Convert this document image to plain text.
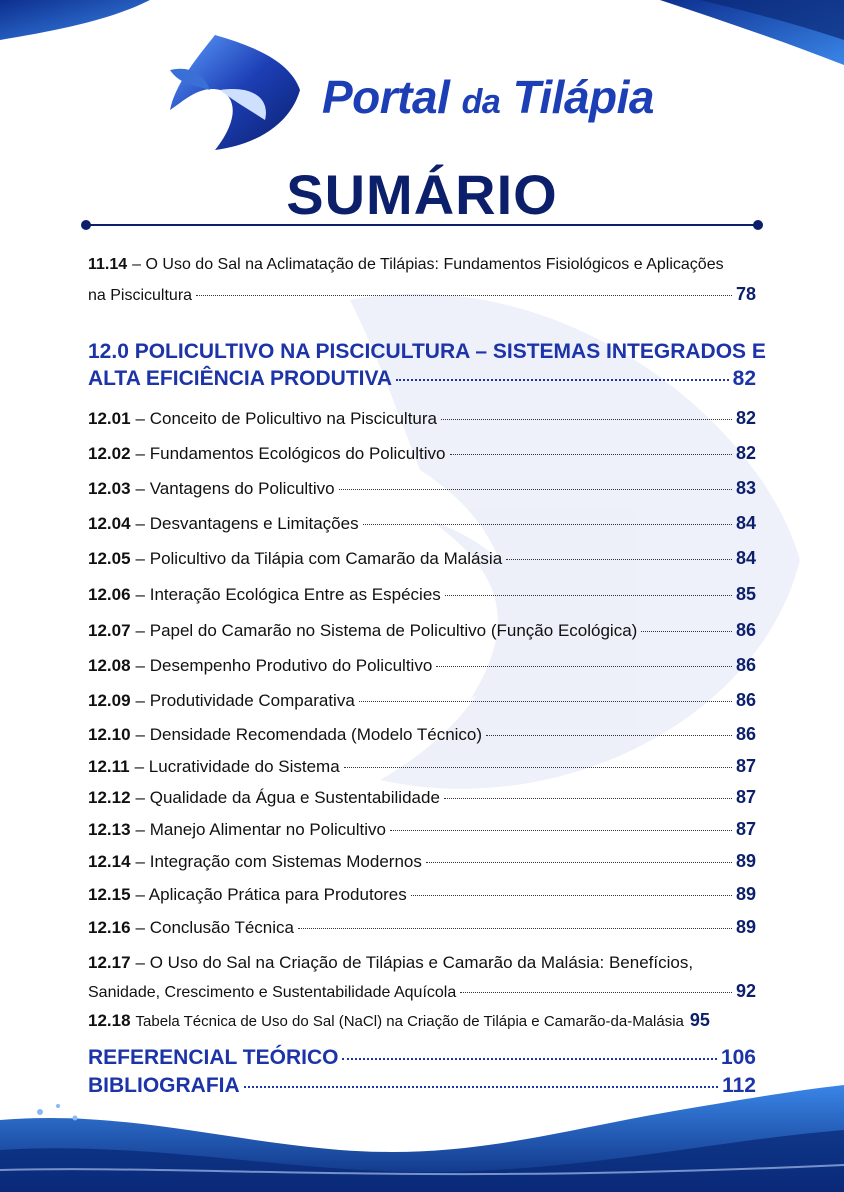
Portal da Tilápia
SUMÁRIO
11.14 – O Uso do Sal na Aclimatação de Tilápias: Fundamentos Fisiológicos e Aplicações
na Piscicultura	78
12.0 POLICULTIVO NA PISCICULTURA – SISTEMAS INTEGRADOS E
ALTA EFICIÊNCIA PRODUTIVA	82
12.01 – Conceito de Policultivo na Piscicultura	82
12.02 – Fundamentos Ecológicos do Policultivo	82
12.03 – Vantagens do Policultivo	83
12.04 – Desvantagens e Limitações	84
12.05 – Policultivo da Tilápia com Camarão da Malásia	84
12.06 – Interação Ecológica Entre as Espécies	85
12.07 – Papel do Camarão no Sistema de Policultivo (Função Ecológica)	86
12.08 – Desempenho Produtivo do Policultivo	86
12.09 – Produtividade Comparativa	86
12.10 – Densidade Recomendada (Modelo Técnico)	86
12.11 – Lucratividade do Sistema	87
12.12 – Qualidade da Água e Sustentabilidade	87
12.13 – Manejo Alimentar no Policultivo	87
12.14 – Integração com Sistemas Modernos	89
12.15 – Aplicação Prática para Produtores	89
12.16 – Conclusão Técnica	89
12.17 – O Uso do Sal na Criação de Tilápias e Camarão da Malásia: Benefícios,
Sanidade, Crescimento e Sustentabilidade Aquícola	92
12.18 Tabela Técnica de Uso do Sal (NaCl) na Criação de Tilápia e Camarão-da-Malásia 95
REFERENCIAL TEÓRICO	106
BIBLIOGRAFIA	112
